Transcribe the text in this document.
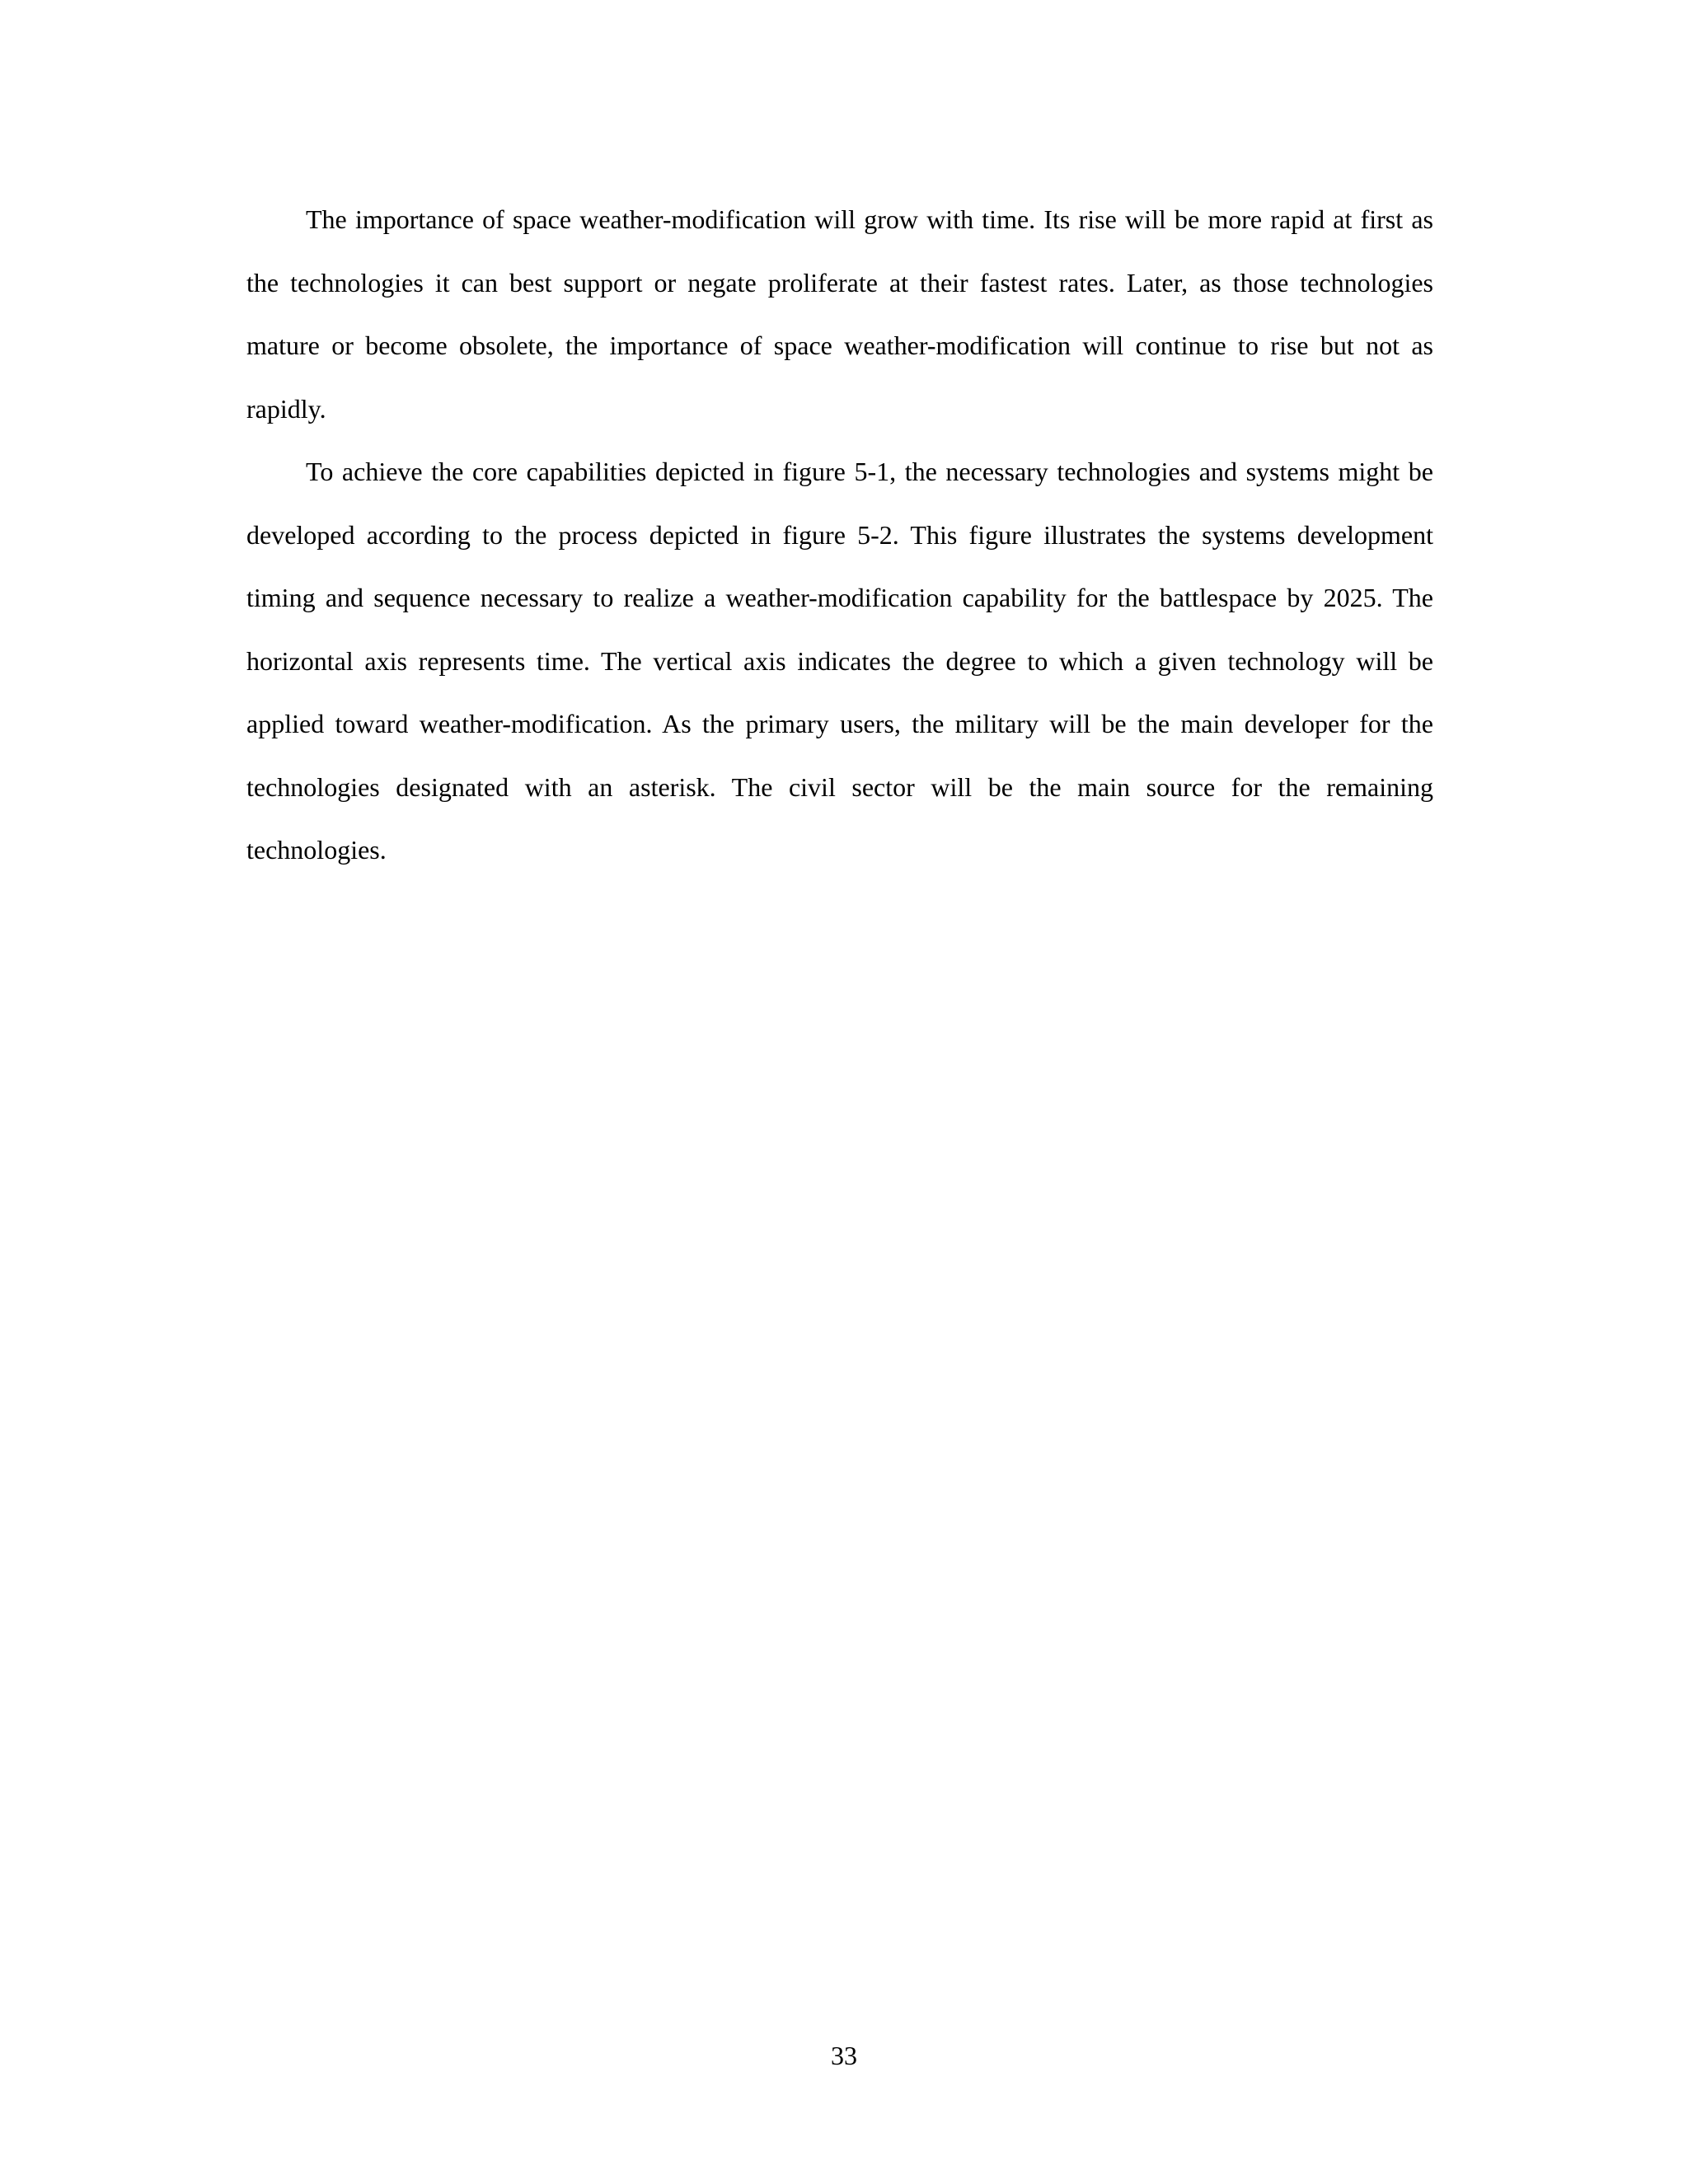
The importance of space weather-modification will grow with time. Its rise will be more rapid at first as the technologies it can best support or negate proliferate at their fastest rates. Later, as those technologies mature or become obsolete, the importance of space weather-modification will continue to rise but not as rapidly.

To achieve the core capabilities depicted in figure 5-1, the necessary technologies and systems might be developed according to the process depicted in figure 5-2. This figure illustrates the systems development timing and sequence necessary to realize a weather-modification capability for the battlespace by 2025. The horizontal axis represents time. The vertical axis indicates the degree to which a given technology will be applied toward weather-modification. As the primary users, the military will be the main developer for the technologies designated with an asterisk. The civil sector will be the main source for the remaining technologies.

33
